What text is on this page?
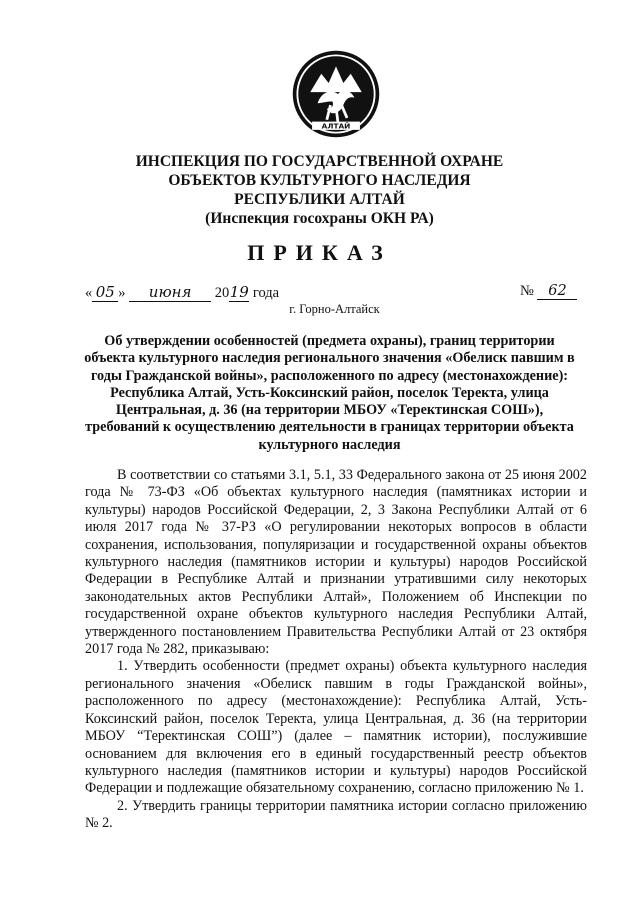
АЛТАЙ
ИНСПЕКЦИЯ ПО ГОСУДАРСТВЕННОЙ ОХРАНЕ
ОБЪЕКТОВ КУЛЬТУРНОГО НАСЛЕДИЯ
РЕСПУБЛИКИ АЛТАЙ
(Инспекция госохраны ОКН РА)
ПРИКАЗ
« 05 » июня 2019 года	№ 62
г. Горно-Алтайск
Об утверждении особенностей (предмета охраны), границ территории объекта культурного наследия регионального значения «Обелиск павшим в годы Гражданской войны», расположенного по адресу (местонахождение): Республика Алтай, Усть-Коксинский район, поселок Теректа, улица Центральная, д. 36 (на территории МБОУ «Теректинская СОШ»), требований к осуществлению деятельности в границах территории объекта культурного наследия

В соответствии со статьями 3.1, 5.1, 33 Федерального закона от 25 июня 2002 года № 73-ФЗ «Об объектах культурного наследия (памятниках истории и культуры) народов Российской Федерации, 2, 3 Закона Республики Алтай от 6 июля 2017 года № 37-РЗ «О регулировании некоторых вопросов в области сохранения, использования, популяризации и государственной охраны объектов культурного наследия (памятников истории и культуры) народов Российской Федерации в Республике Алтай и признании утратившими силу некоторых законодательных актов Республики Алтай», Положением об Инспекции по государственной охране объектов культурного наследия Республики Алтай, утвержденного постановлением Правительства Республики Алтай от 23 октября 2017 года № 282, приказываю:

1. Утвердить особенности (предмет охраны) объекта культурного наследия регионального значения «Обелиск павшим в годы Гражданской войны», расположенного по адресу (местонахождение): Республика Алтай, Усть-Коксинский район, поселок Теректа, улица Центральная, д. 36 (на территории МБОУ “Теректинская СОШ”) (далее – памятник истории), послужившие основанием для включения его в единый государственный реестр объектов культурного наследия (памятников истории и культуры) народов Российской Федерации и подлежащие обязательному сохранению, согласно приложению № 1.

2. Утвердить границы территории памятника истории согласно приложению № 2.
